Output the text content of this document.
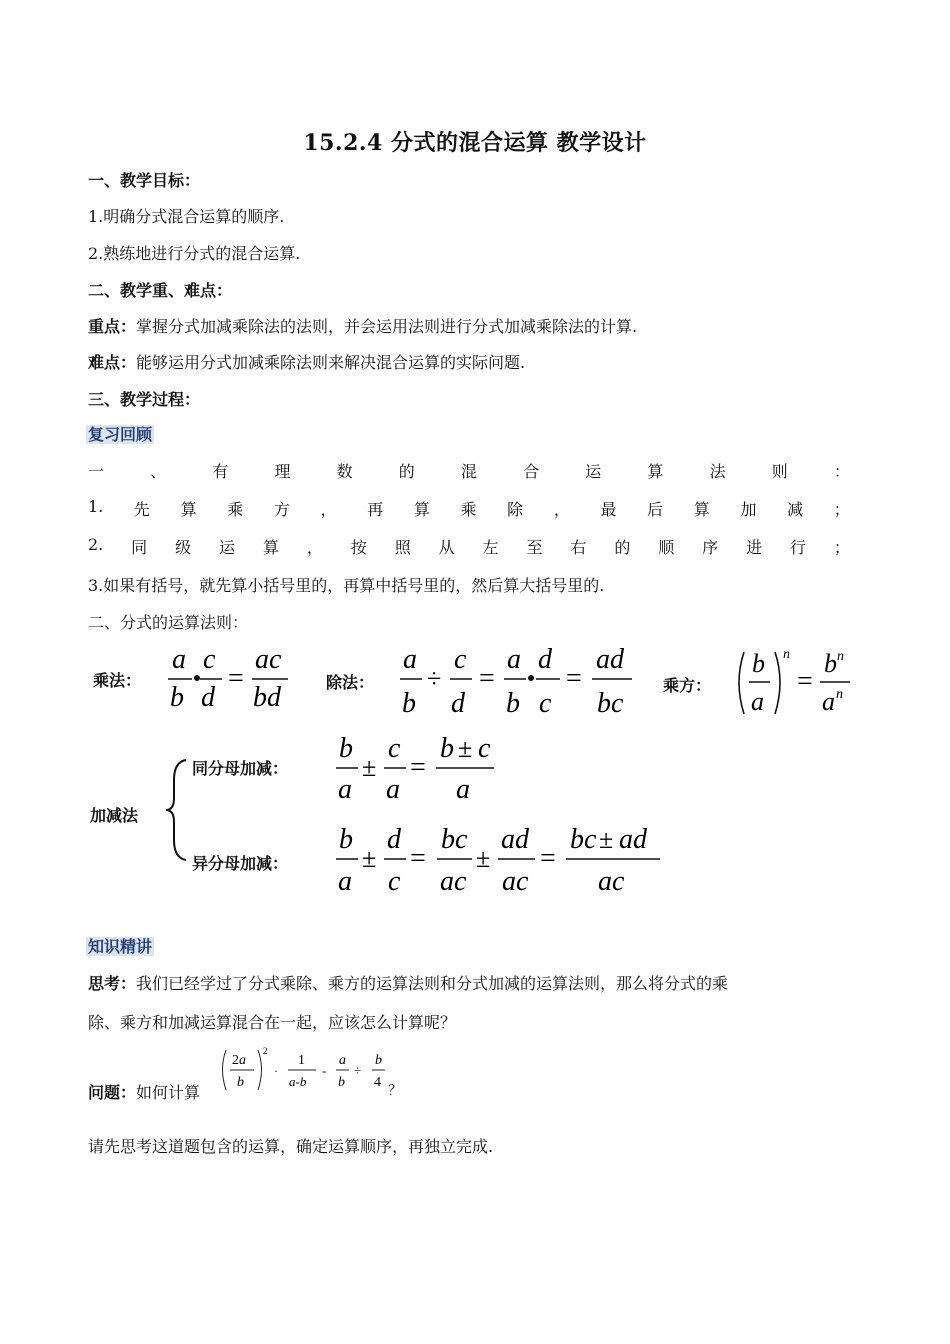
15.2.4 分式的混合运算 教学设计
一、教学目标：
1.明确分式混合运算的顺序.
2.熟练地进行分式的混合运算.
二、教学重、难点：
重点：掌握分式加减乘除法的法则，并会运用法则进行分式加减乘除法的计算.
难点：能够运用分式加减乘除法则来解决混合运算的实际问题.
三、教学过程：
复习回顾
一	、	有	理	数	的	混	合	运	算	法	则	：
1. 先 算 乘 方 ， 再 算 乘 除 ， 最 后 算 加 减 ；
2. 同 级 运 算 ， 按 照 从 左 至 右 的 顺 序 进 行 ；
3.如果有括号，就先算小括号里的，再算中括号里的，然后算大括号里的.
二、分式的运算法则：
乘法：	除法：	乘方：
加减法
同分母加减：
异分母加减：
a
b
c
d
=
ac
bd
a
b
÷
c
d
=
a
b
d
c
=
ad
bc
b
a
n
=
b n
a n
b
a
±
c
a
=
b ± c
a
b
a
±
d
c
=
bc
ac
±
ad
ac
=
bc ± ad
ac
知识精讲
思考：我们已经学过了分式乘除、乘方的运算法则和分式加减的运算法则，那么将分式的乘
除、乘方和加减运算混合在一起，应该怎么计算呢？
问题：如何计算
2a
b
2
·
1
a-b
-
a
b
÷
b
4
？
请先思考这道题包含的运算，确定运算顺序，再独立完成.
